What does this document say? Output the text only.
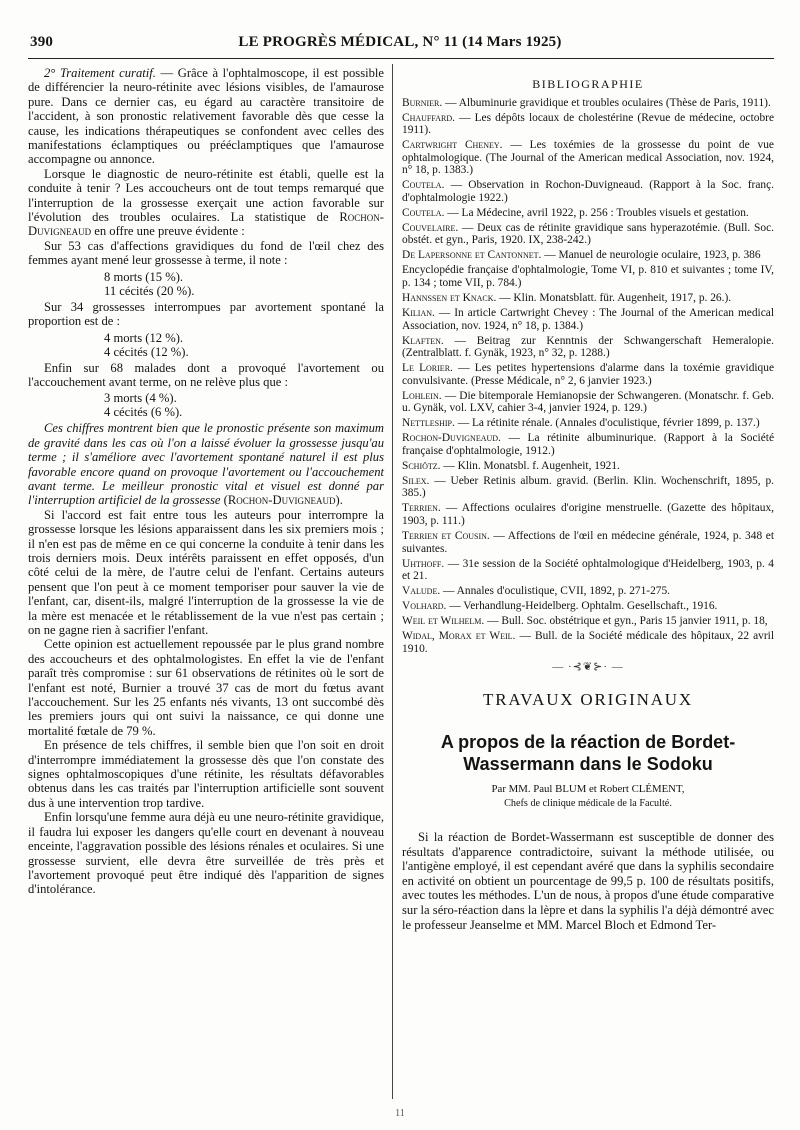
390	LE PROGRÈS MÉDICAL, N° 11 (14 Mars 1925)

2° Traitement curatif. — Grâce à l'ophtalmoscope, il est possible de différencier la neuro-rétinite avec lésions visibles, de l'amaurose pure. Dans ce dernier cas, eu égard au caractère transitoire de l'accident, à son pronostic relativement favorable dès que cesse la cause, les indications thérapeutiques se confondent avec celles des manifestations éclamptiques ou prééclamptiques que l'amaurose accompagne ou annonce.

Lorsque le diagnostic de neuro-rétinite est établi, quelle est la conduite à tenir ? Les accoucheurs ont de tout temps remarqué que l'interruption de la grossesse exerçait une action favorable sur l'évolution des troubles oculaires. La statistique de Rochon-Duvigneaud en offre une preuve évidente :

Sur 53 cas d'affections gravidiques du fond de l'œil chez des femmes ayant mené leur grossesse à terme, il note :

8 morts (15 %).
11 cécités (20 %).

Sur 34 grossesses interrompues par avortement spontané la proportion est de :

4 morts (12 %).
4 cécités (12 %).

Enfin sur 68 malades dont a provoqué l'avortement ou l'accouchement avant terme, on ne relève plus que :

3 morts (4 %).
4 cécités (6 %).

Ces chiffres montrent bien que le pronostic présente son maximum de gravité dans les cas où l'on a laissé évoluer la grossesse jusqu'au terme ; il s'améliore avec l'avortement spontané naturel il est plus favorable encore quand on provoque l'avortement ou l'accouchement avant terme. Le meilleur pronostic vital et visuel est donné par l'interruption artificiel de la grossesse (Rochon-Duvigneaud).

Si l'accord est fait entre tous les auteurs pour interrompre la grossesse lorsque les lésions apparaissent dans les six premiers mois ; il n'en est pas de même en ce qui concerne la conduite à tenir dans les trois derniers mois. Deux intérêts paraissent en effet opposés, d'un côté celui de la mère, de l'autre celui de l'enfant. Certains auteurs pensent que l'on peut à ce moment temporiser pour sauver la vie de l'enfant, car, disent-ils, malgré l'interruption de la grossesse la vie de la mère est menacée et le rétablissement de la vue n'est pas certain ; on ne gagne rien à sacrifier l'enfant.

Cette opinion est actuellement repoussée par le plus grand nombre des accoucheurs et des ophtalmologistes. En effet la vie de l'enfant paraît très compromise : sur 61 observations de rétinites où le sort de l'enfant est noté, Burnier a trouvé 37 cas de mort du fœtus avant l'accouchement. Sur les 25 enfants nés vivants, 13 ont succombé dès les premiers jours qui ont suivi la naissance, ce qui donne une mortalité fœtale de 79 %.

En présence de tels chiffres, il semble bien que l'on soit en droit d'interrompre immédiatement la grossesse dès que l'on constate des signes ophtalmoscopiques d'une rétinite, les résultats défavorables obtenus dans les cas traités par l'interruption artificielle sont souvent dus à une intervention trop tardive.

Enfin lorsqu'une femme aura déjà eu une neuro-rétinite gravidique, il faudra lui exposer les dangers qu'elle court en devenant à nouveau enceinte, l'aggravation possible des lésions rénales et oculaires. Si une grossesse survient, elle devra être surveillée de très près et l'avortement provoqué peut être indiqué dès l'apparition de signes d'intolérance.

BIBLIOGRAPHIE

Burnier. — Albuminurie gravidique et troubles oculaires (Thèse de Paris, 1911).

Chauffard. — Les dépôts locaux de cholestérine (Revue de médecine, octobre 1911).

Cartwright Cheney. — Les toxémies de la grossesse du point de vue ophtalmologique. (The Journal of the American medical Association, nov. 1924, n° 18, p. 1383.)

Coutela. — Observation in Rochon-Duvigneaud. (Rapport à la Soc. franç. d'ophtalmologie 1922.)

Coutela. — La Médecine, avril 1922, p. 256 : Troubles visuels et gestation.

Couvelaire. — Deux cas de rétinite gravidique sans hyperazotémie. (Bull. Soc. obstét. et gyn., Paris, 1920. IX, 238-242.)

De Lapersonne et Cantonnet. — Manuel de neurologie oculaire, 1923, p. 386

Encyclopédie française d'ophtalmologie, Tome VI, p. 810 et suivantes ; tome IV, p. 134 ; tome VII, p. 784.)

Hannssen et Knack. — Klin. Monatsblatt. für. Augenheit, 1917, p. 26.).

Kilian. — In article Cartwright Chevey : The Journal of the American medical Association, nov. 1924, n° 18, p. 1384.)

Klaften. — Beitrag zur Kenntnis der Schwangerschaft Hemeralopie. (Zentralblatt. f. Gynäk, 1923, n° 32, p. 1288.)

Le Lorier. — Les petites hypertensions d'alarme dans la toxémie gravidique convulsivante. (Presse Médicale, n° 2, 6 janvier 1923.)

Lohlein. — Die bitemporale Hemianopsie der Schwangeren. (Monatschr. f. Geb. u. Gynäk, vol. LXV, cahier 3-4, janvier 1924, p. 129.)

Nettleship. — La rétinite rénale. (Annales d'oculistique, février 1899, p. 137.)

Rochon-Duvigneaud. — La rétinite albuminurique. (Rapport à la Société française d'ophtalmologie, 1912.)

Schiötz. — Klin. Monatsbl. f. Augenheit, 1921.

Silex. — Ueber Retinis album. gravid. (Berlin. Klin. Wochenschrift, 1895, p. 385.)

Terrien. — Affections oculaires d'origine menstruelle. (Gazette des hôpitaux, 1903, p. 111.)

Terrien et Cousin. — Affections de l'œil en médecine générale, 1924, p. 348 et suivantes.

Uhthoff. — 31e session de la Société ophtalmologique d'Heidelberg, 1903, p. 4 et 21.

Valude. — Annales d'oculistique, CVII, 1892, p. 271-275.

Volhard. — Verhandlung-Heidelberg. Ophtalm. Gesellschaft., 1916.

Weil et Wilhelm. — Bull. Soc. obstétrique et gyn., Paris 15 janvier 1911, p. 18,

Widal, Morax et Weil. — Bull. de la Société médicale des hôpitaux, 22 avril 1910.

— ·⊰❦⊱· —
TRAVAUX ORIGINAUX
A propos de la réaction de Bordet-
Wassermann dans le Sodoku
Par MM. Paul BLUM et Robert CLÉMENT,
Chefs de clinique médicale de la Faculté.

Si la réaction de Bordet-Wassermann est susceptible de donner des résultats d'apparence contradictoire, suivant la méthode utilisée, ou l'antigène employé, il est cependant avéré que dans la syphilis secondaire en activité on obtient un pourcentage de 99,5 p. 100 de résultats positifs, avec toutes les méthodes. L'un de nous, à propos d'une étude comparative sur la séro-réaction dans la lèpre et dans la syphilis l'a déjà démontré avec le professeur Jeanselme et MM. Marcel Bloch et Edmond Ter-

11
